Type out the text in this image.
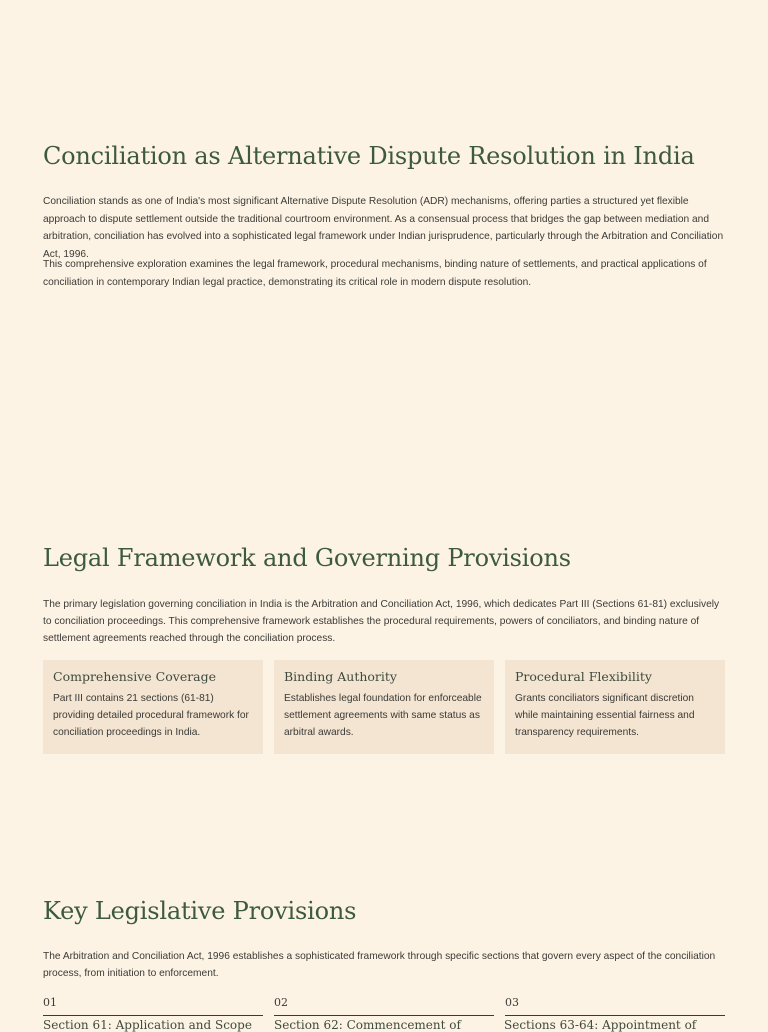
Conciliation as Alternative Dispute Resolution in India

Conciliation stands as one of India's most significant Alternative Dispute Resolution (ADR) mechanisms, offering parties a structured yet flexible approach to dispute settlement outside the traditional courtroom environment. As a consensual process that bridges the gap between mediation and arbitration, conciliation has evolved into a sophisticated legal framework under Indian jurisprudence, particularly through the Arbitration and Conciliation Act, 1996.

This comprehensive exploration examines the legal framework, procedural mechanisms, binding nature of settlements, and practical applications of conciliation in contemporary Indian legal practice, demonstrating its critical role in modern dispute resolution.

Legal Framework and Governing Provisions

The primary legislation governing conciliation in India is the Arbitration and Conciliation Act, 1996, which dedicates Part III (Sections 61-81) exclusively to conciliation proceedings. This comprehensive framework establishes the procedural requirements, powers of conciliators, and binding nature of settlement agreements reached through the conciliation process.

Comprehensive Coverage
Part III contains 21 sections (61-81) providing detailed procedural framework for conciliation proceedings in India.
Binding Authority
Establishes legal foundation for enforceable settlement agreements with same status as arbitral awards.
Procedural Flexibility
Grants conciliators significant discretion while maintaining essential fairness and transparency requirements.
Key Legislative Provisions

The Arbitration and Conciliation Act, 1996 establishes a sophisticated framework through specific sections that govern every aspect of the conciliation process, from initiation to enforcement.

01	02	03
Section 61: Application and Scope	Section 62: Commencement of	Sections 63-64: Appointment of
